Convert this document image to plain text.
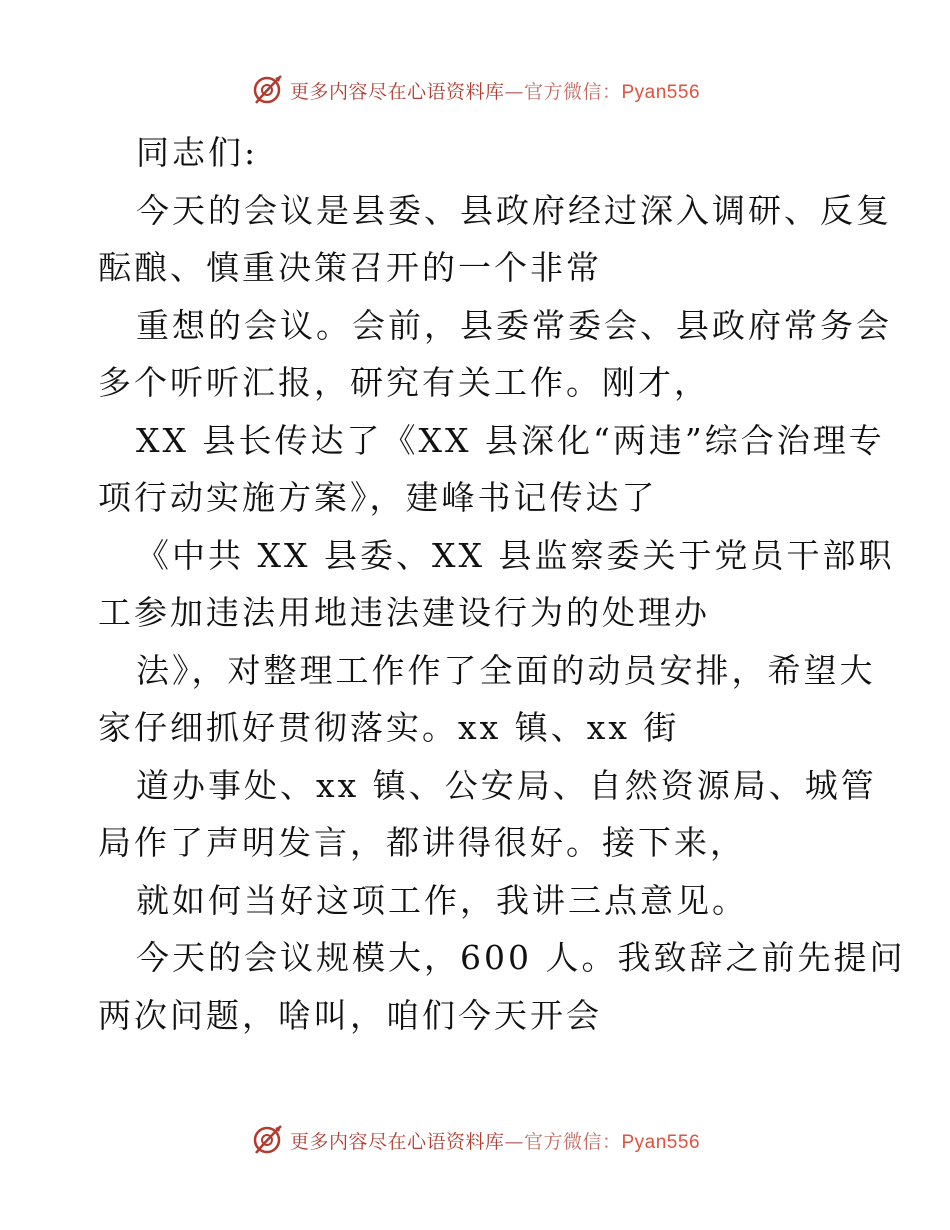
更多内容尽在心语资料库—官方微信：Pyan556
同志们:
今天的会议是县委、县政府经过深入调研、反复
酝酿、慎重决策召开的一个非常
重想的会议。会前，县委常委会、县政府常务会
多个听听汇报，研究有关工作。刚才，
XX 县长传达了《XX 县深化“两违”综合治理专
项行动实施方案》，建峰书记传达了
《中共 XX 县委、XX 县监察委关于党员干部职
工参加违法用地违法建设行为的处理办
法》，对整理工作作了全面的动员安排，希望大
家仔细抓好贯彻落实。xx 镇、xx 街
道办事处、xx 镇、公安局、自然资源局、城管
局作了声明发言，都讲得很好。接下来，
就如何当好这项工作，我讲三点意见。
今天的会议规模大，600 人。我致辞之前先提问
两次问题，啥叫，咱们今天开会
更多内容尽在心语资料库—官方微信：Pyan556
